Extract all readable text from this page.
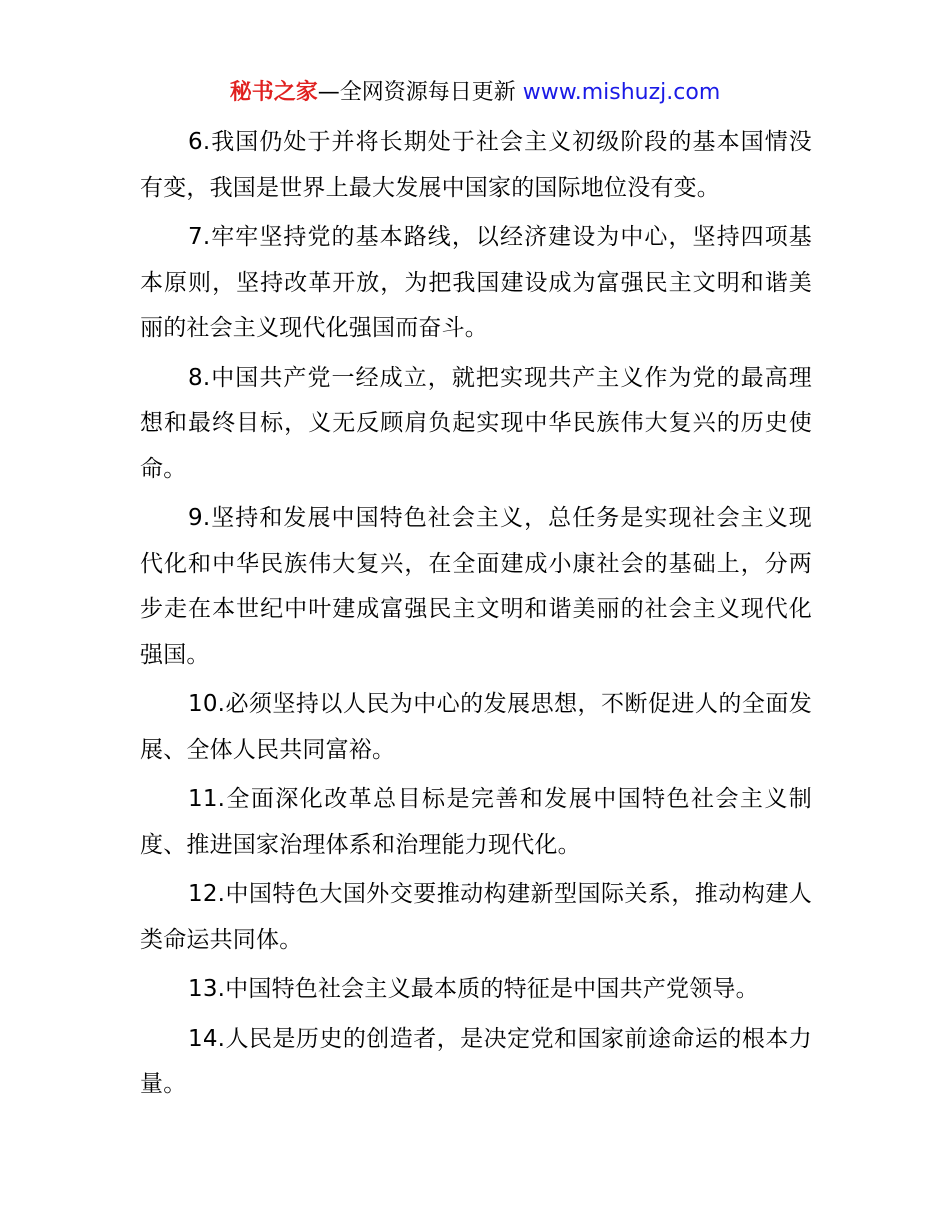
秘书之家—全网资源每日更新 www.mishuzj.com

6.我国仍处于并将长期处于社会主义初级阶段的基本国情没有变，我国是世界上最大发展中国家的国际地位没有变。

7.牢牢坚持党的基本路线，以经济建设为中心，坚持四项基本原则，坚持改革开放，为把我国建设成为富强民主文明和谐美丽的社会主义现代化强国而奋斗。

8.中国共产党一经成立，就把实现共产主义作为党的最高理想和最终目标，义无反顾肩负起实现中华民族伟大复兴的历史使命。

9.坚持和发展中国特色社会主义，总任务是实现社会主义现代化和中华民族伟大复兴，在全面建成小康社会的基础上，分两步走在本世纪中叶建成富强民主文明和谐美丽的社会主义现代化强国。

10.必须坚持以人民为中心的发展思想，不断促进人的全面发展、全体人民共同富裕。

11.全面深化改革总目标是完善和发展中国特色社会主义制度、推进国家治理体系和治理能力现代化。

12.中国特色大国外交要推动构建新型国际关系，推动构建人类命运共同体。

13.中国特色社会主义最本质的特征是中国共产党领导。

14.人民是历史的创造者，是决定党和国家前途命运的根本力量。
